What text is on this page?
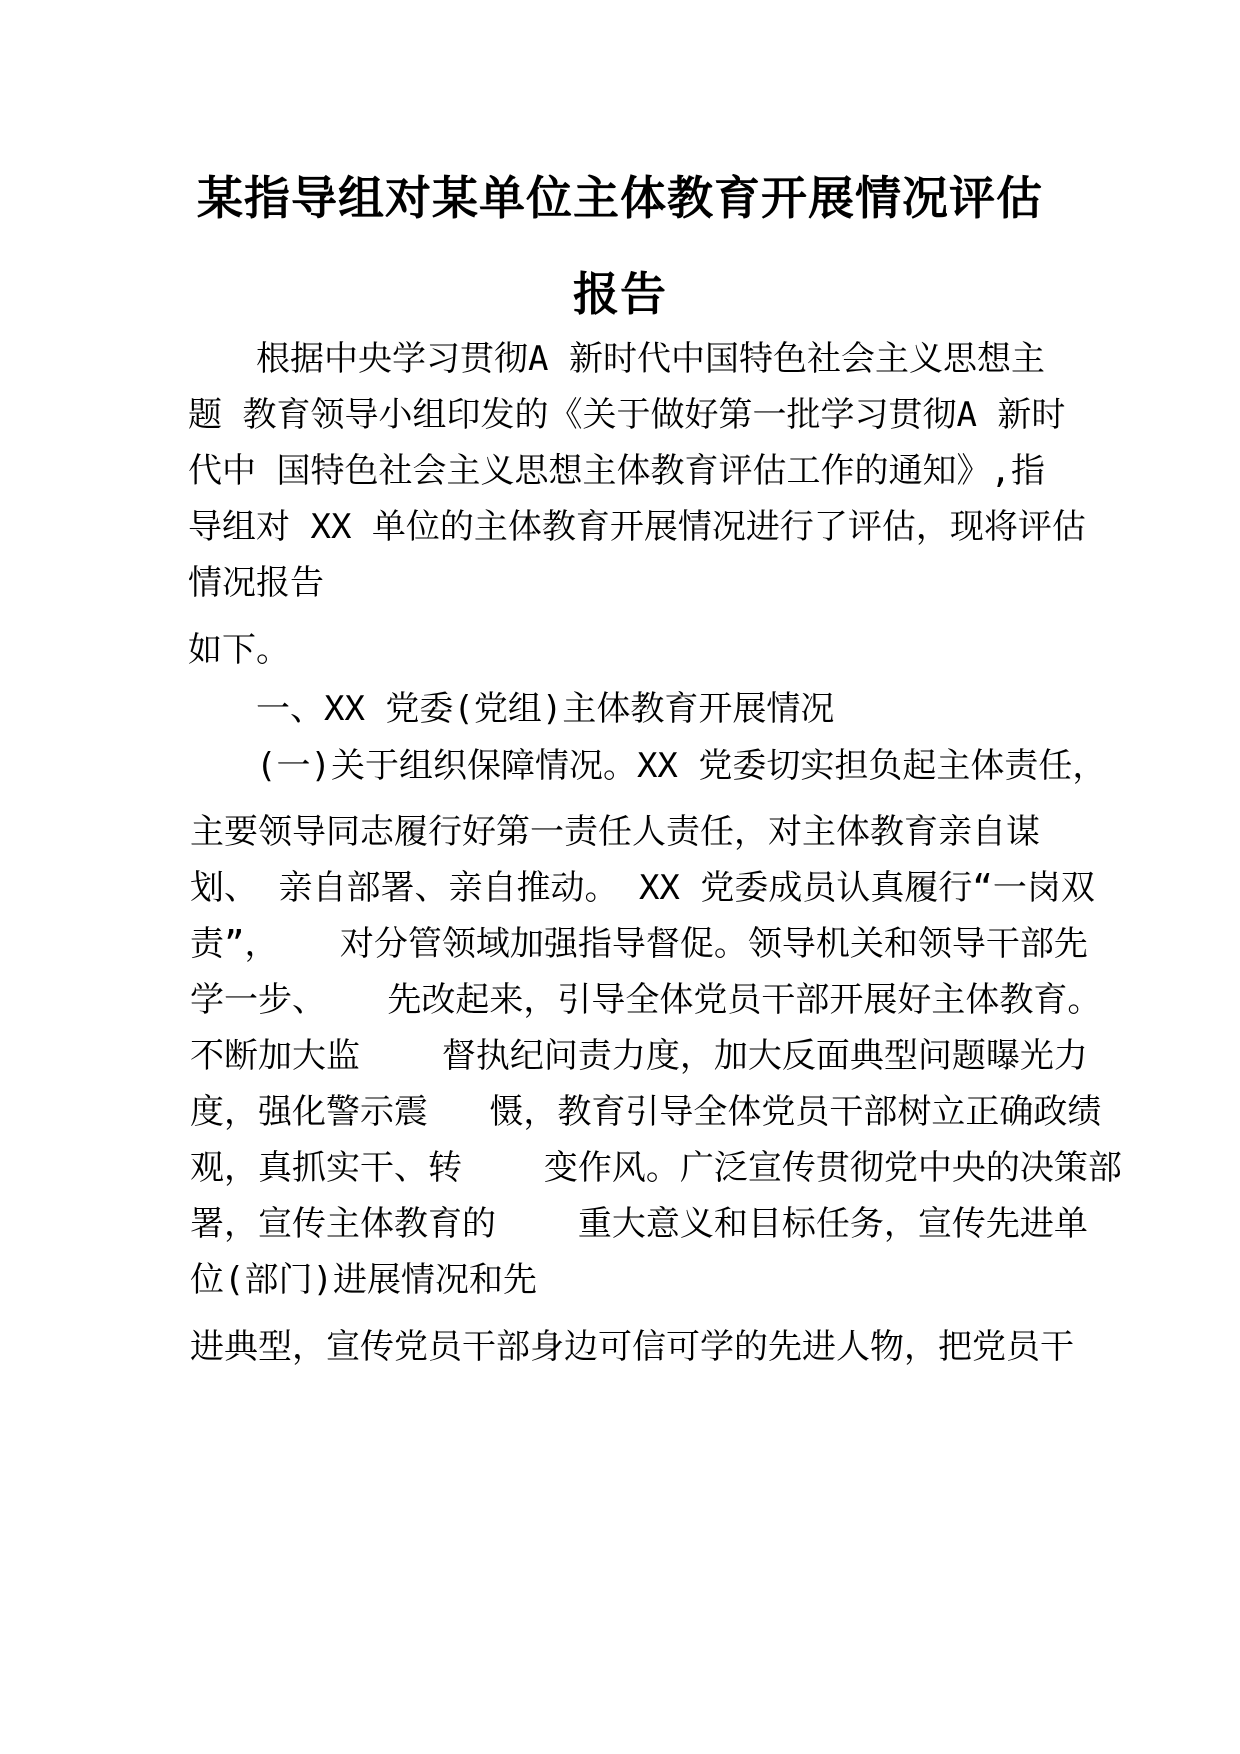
某指导组对某单位主体教育开展情况评估
报告
根据中央学习贯彻A 新时代中国特色社会主义思想主
题 教育领导小组印发的《关于做好第一批学习贯彻A 新时
代中 国特色社会主义思想主体教育评估工作的通知》,指
导组对 XX 单位的主体教育开展情况进行了评估，现将评估
情况报告
如下。
一、XX 党委(党组)主体教育开展情况
(一)关于组织保障情况。XX 党委切实担负起主体责任，
主要领导同志履行好第一责任人责任，对主体教育亲自谋
划、 亲自部署、亲自推动。 XX 党委成员认真履行“一岗双
责”，   对分管领域加强指导督促。领导机关和领导干部先
学一步、   先改起来，引导全体党员干部开展好主体教育。
不断加大监    督执纪问责力度，加大反面典型问题曝光力
度，强化警示震   慑，教育引导全体党员干部树立正确政绩
观，真抓实干、转    变作风。广泛宣传贯彻党中央的决策部
署，宣传主体教育的    重大意义和目标任务，宣传先进单
位(部门)进展情况和先
进典型，宣传党员干部身边可信可学的先进人物，把党员干
